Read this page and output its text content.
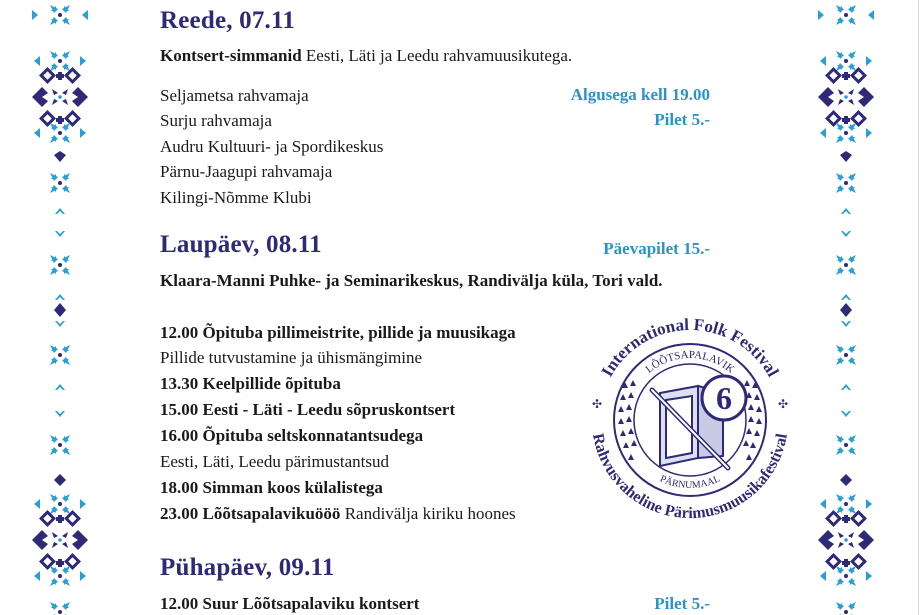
Reede, 07.11
Kontsert-simmanid Eesti, Läti ja Leedu rahvamuusikutega.
Algusega kell 19.00
Pilet 5.-
Seljametsa rahvamaja
Surju rahvamaja
Audru Kultuuri- ja Spordikeskus
Pärnu-Jaagupi rahvamaja
Kilingi-Nõmme Klubi
Laupäev, 08.11	Päevapilet 15.-
Klaara-Manni Puhke- ja Seminarikeskus, Randivälja küla, Tori vald.
12.00 Õpituba pillimeistrite, pillide ja muusikaga
Pillide tutvustamine ja ühismängimine
13.30 Keelpillide õpituba
15.00 Eesti - Läti - Leedu sõpruskontsert
16.00 Õpituba seltskonnatantsudega
Eesti, Läti, Leedu pärimustantsud
18.00 Simman koos külalistega
23.00 Lõõtsapalavikuööö Randivälja kiriku hoones
Pühapäev, 09.11
12.00 Suur Lõõtsapalaviku kontsert	Pilet 5.-
International Folk Festival
Rahvusvaheline Pärimusmuusikafestival
LÕÕTSAPALAVIK
PÄRNUMAAL
✣	✣
6
